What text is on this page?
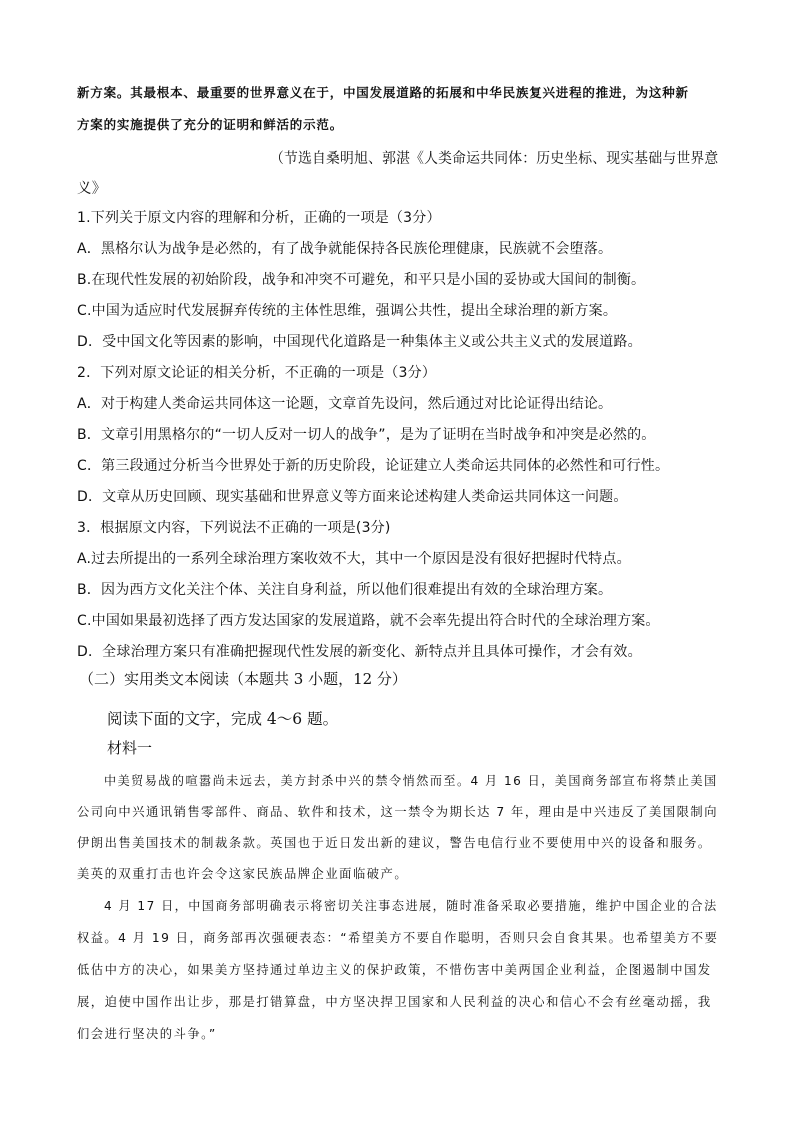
新方案。其最根本、最重要的世界意义在于，中国发展道路的拓展和中华民族复兴进程的推进，为这种新
方案的实施提供了充分的证明和鲜活的示范。
（节选自桑明旭、郭湛《人类命运共同体：历史坐标、现实基础与世界意
义》
1.下列关于原文内容的理解和分析，正确的一项是（3分）
A．黑格尔认为战争是必然的，有了战争就能保持各民族伦理健康，民族就不会堕落。
B.在现代性发展的初始阶段，战争和冲突不可避免，和平只是小国的妥协或大国间的制衡。
C.中国为适应时代发展摒弃传统的主体性思维，强调公共性，提出全球治理的新方案。
D．受中国文化等因素的影响，中国现代化道路是一种集体主义或公共主义式的发展道路。
2．下列对原文论证的相关分析，不正确的一项是（3分）
A．对于构建人类命运共同体这一论题，文章首先设问，然后通过对比论证得出结论。
B．文章引用黑格尔的“一切人反对一切人的战争”，是为了证明在当时战争和冲突是必然的。
C．第三段通过分析当今世界处于新的历史阶段，论证建立人类命运共同体的必然性和可行性。
D．文章从历史回顾、现实基础和世界意义等方面来论述构建人类命运共同体这一问题。
3．根据原文内容，下列说法不正确的一项是(3分)
A.过去所提出的一系列全球治理方案收效不大，其中一个原因是没有很好把握时代特点。
B．因为西方文化关注个体、关注自身利益，所以他们很难提出有效的全球治理方案。
C.中国如果最初选择了西方发达国家的发展道路，就不会率先提出符合时代的全球治理方案。
D．全球治理方案只有准确把握现代性发展的新变化、新特点并且具体可操作，才会有效。
（二）实用类文本阅读（本题共 3 小题，12 分）
阅读下面的文字，完成 4～6 题。
材料一
中美贸易战的喧嚣尚未远去，美方封杀中兴的禁令悄然而至。4 月 16 日，美国商务部宣布将禁止美国
公司向中兴通讯销售零部件、商品、软件和技术，这一禁令为期长达 7 年，理由是中兴违反了美国限制向
伊朗出售美国技术的制裁条款。英国也于近日发出新的建议，警告电信行业不要使用中兴的设备和服务。
美英的双重打击也许会令这家民族品牌企业面临破产。
4 月 17 日，中国商务部明确表示将密切关注事态进展，随时准备采取必要措施，维护中国企业的合法
权益。4 月 19 日，商务部再次强硬表态：“希望美方不要自作聪明，否则只会自食其果。也希望美方不要
低估中方的决心，如果美方坚持通过单边主义的保护政策，不惜伤害中美两国企业利益，企图遏制中国发
展，迫使中国作出让步，那是打错算盘，中方坚决捍卫国家和人民利益的决心和信心不会有丝毫动摇，我
们会进行坚决的斗争。”
